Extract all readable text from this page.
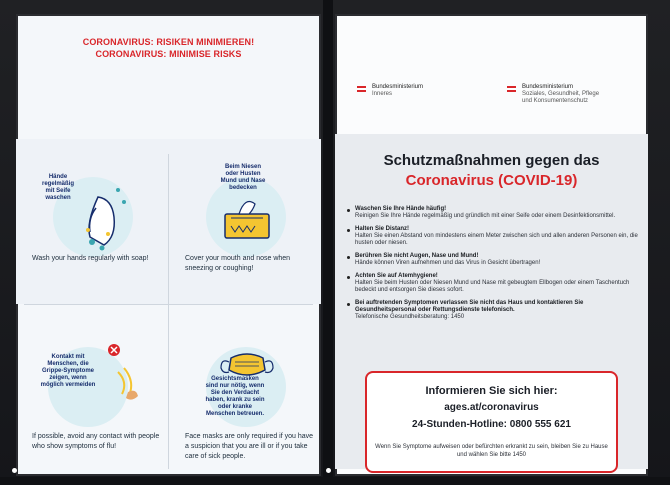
CORONAVIRUS: RISIKEN MINIMIEREN!
CORONAVIRUS: MINIMISE RISKS
Hände regelmäßig mit Seife waschen
Wash your hands regularly with soap!
Beim Niesen oder Husten Mund und Nase bedecken
Cover your mouth and nose when sneezing or coughing!
Kontakt mit Menschen, die Grippe-Symptome zeigen, wenn möglich vermeiden
If possible, avoid any contact with people who show symptoms of flu!
Gesichtsmasken sind nur nötig, wenn Sie den Verdacht haben, krank zu sein oder kranke Menschen betreuen.
Face masks are only required if you have a suspicion that you are ill or if you take care of sick people.
Bundesministerium
Inneres
Bundesministerium
Soziales, Gesundheit, Pflege
und Konsumentenschutz
Schutzmaßnahmen gegen das
Coronavirus (COVID-19)
Waschen Sie Ihre Hände häufig!
Reinigen Sie Ihre Hände regelmäßig und gründlich mit einer Seife oder einem Desinfektionsmittel.
Halten Sie Distanz!
Halten Sie einen Abstand von mindestens einem Meter zwischen sich und allen anderen Personen ein, die husten oder niesen.
Berühren Sie nicht Augen, Nase und Mund!
Hände können Viren aufnehmen und das Virus in Gesicht übertragen!
Achten Sie auf Atemhygiene!
Halten Sie beim Husten oder Niesen Mund und Nase mit gebeugtem Ellbogen oder einem Taschentuch bedeckt und entsorgen Sie dieses sofort.
Bei auftretenden Symptomen verlassen Sie nicht das Haus und kontaktieren Sie Gesundheitspersonal oder Rettungsdienste telefonisch.
Telefonische Gesundheitsberatung: 1450
Informieren Sie sich hier:
ages.at/coronavirus
24-Stunden-Hotline: 0800 555 621
Wenn Sie Symptome aufweisen oder befürchten erkrankt zu sein, bleiben Sie zu Hause und wählen Sie bitte 1450
